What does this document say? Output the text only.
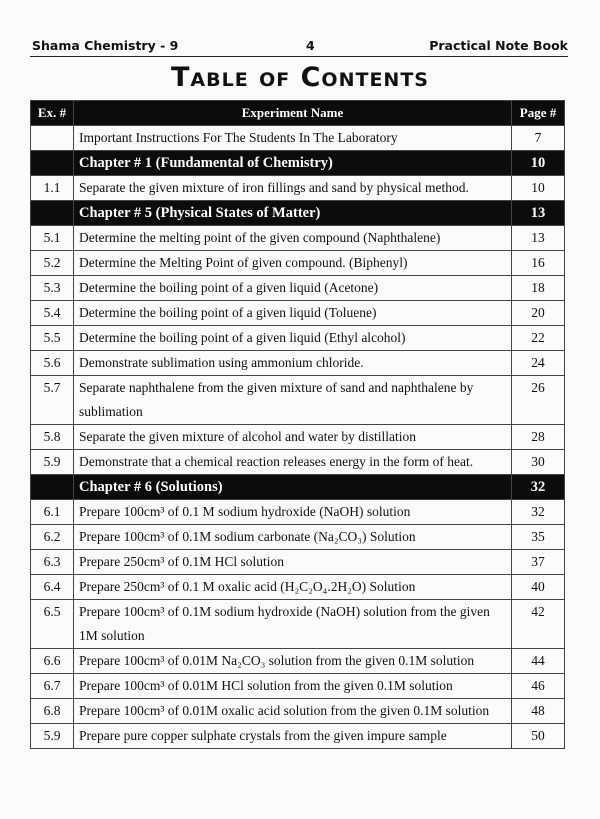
Shama Chemistry - 9	4	Practical Note Book
Table of Contents
Ex. #	Experiment Name	Page #
	Important Instructions For The Students In The Laboratory	7
	Chapter # 1 (Fundamental of Chemistry)	10
1.1	Separate the given mixture of iron fillings and sand by physical method.	10
	Chapter # 5 (Physical States of Matter)	13
5.1	Determine the melting point of the given compound (Naphthalene)	13
5.2	Determine the Melting Point of given compound. (Biphenyl)	16
5.3	Determine the boiling point of a given liquid (Acetone)	18
5.4	Determine the boiling point of a given liquid (Toluene)	20
5.5	Determine the boiling point of a given liquid (Ethyl alcohol)	22
5.6	Demonstrate sublimation using ammonium chloride.	24
5.7	Separate naphthalene from the given mixture of sand and naphthalene by sublimation	26
5.8	Separate the given mixture of alcohol and water by distillation	28
5.9	Demonstrate that a chemical reaction releases energy in the form of heat.	30
	Chapter # 6 (Solutions)	32
6.1	Prepare 100cm³ of 0.1 M sodium hydroxide (NaOH) solution	32
6.2	Prepare 100cm³ of 0.1M sodium carbonate (Na₂CO₃) Solution	35
6.3	Prepare 250cm³ of 0.1M HCl solution	37
6.4	Prepare 250cm³ of 0.1 M oxalic acid (H₂C₂O₄.2H₂O) Solution	40
6.5	Prepare 100cm³ of 0.1M sodium hydroxide (NaOH) solution from the given 1M solution	42
6.6	Prepare 100cm³ of 0.01M Na₂CO₃ solution from the given 0.1M solution	44
6.7	Prepare 100cm³ of 0.01M HCl solution from the given 0.1M solution	46
6.8	Prepare 100cm³ of 0.01M oxalic acid solution from the given 0.1M solution	48
5.9	Prepare pure copper sulphate crystals from the given impure sample	50
